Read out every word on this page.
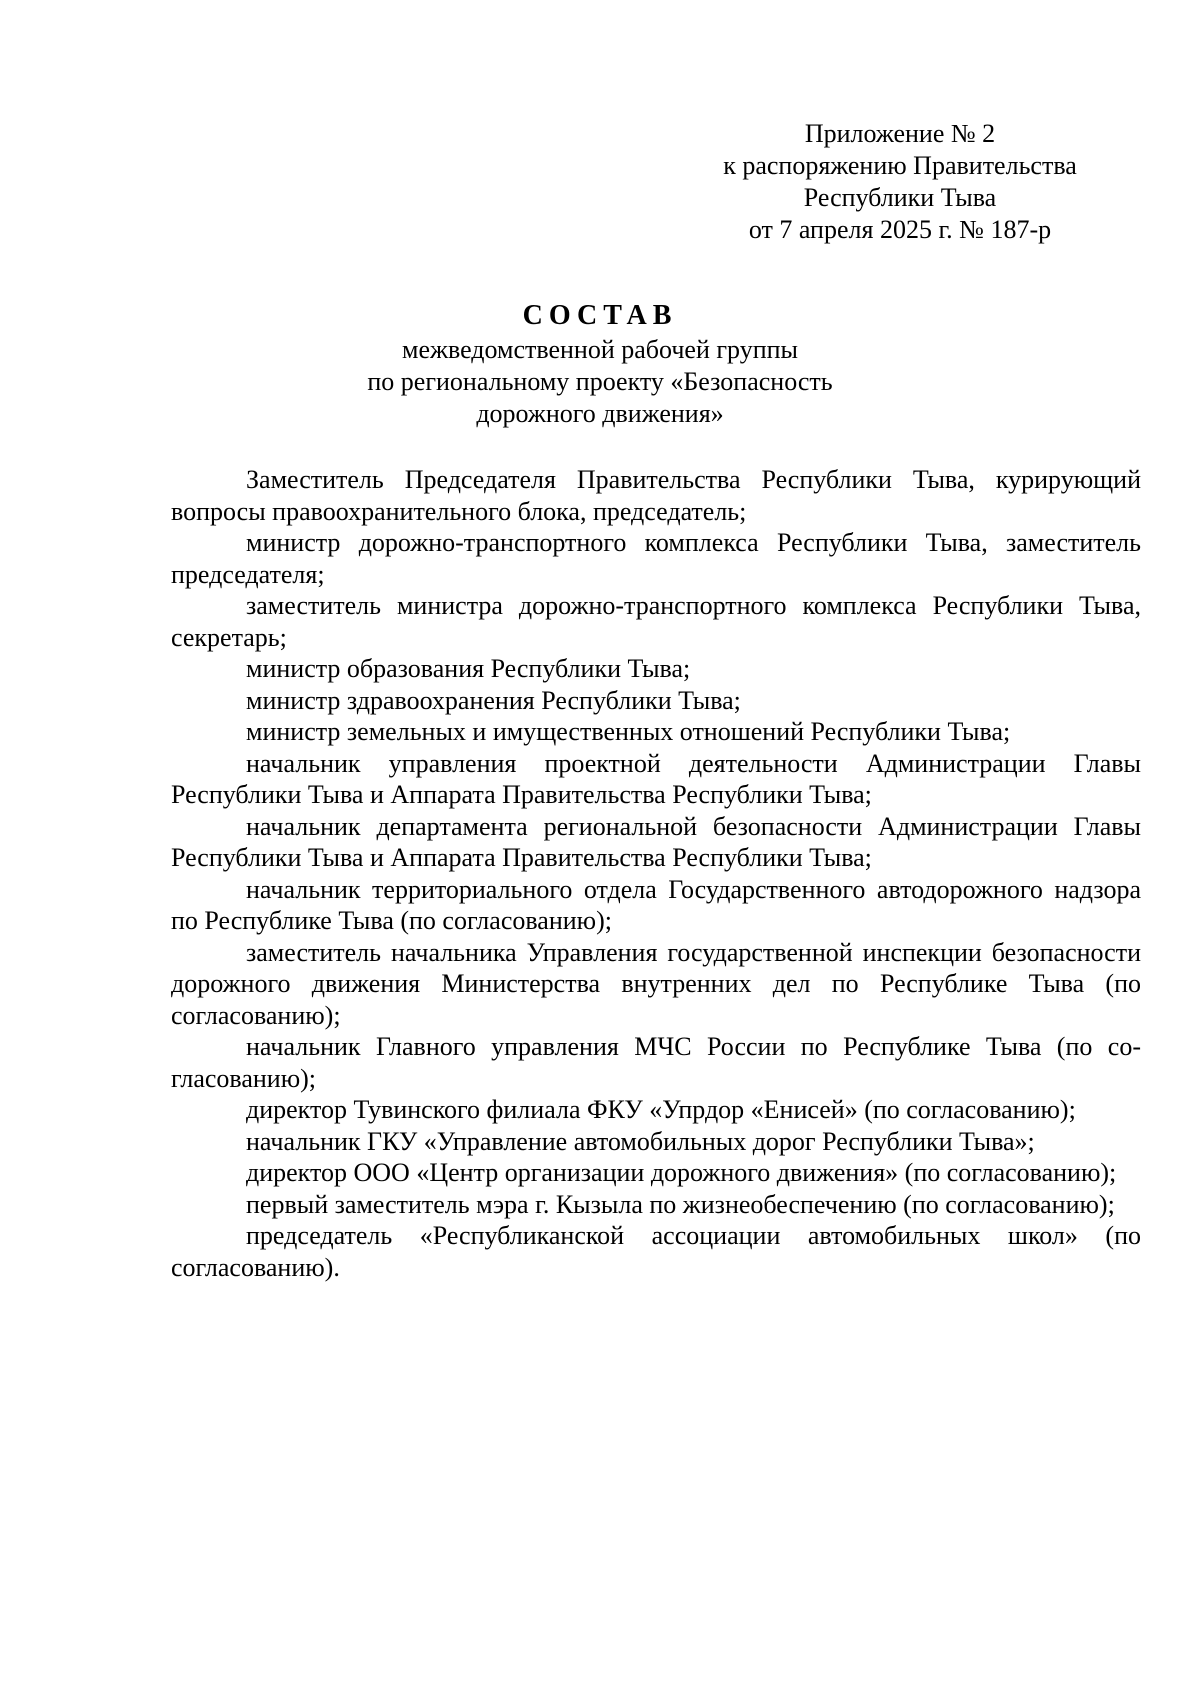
Приложение № 2
к распоряжению Правительства
Республики Тыва
от 7 апреля 2025 г. № 187-р
СОСТАВ
межведомственной рабочей группы
по региональному проекту «Безопасность
дорожного движения»

Заместитель Председателя Правительства Республики Тыва, курирующий вопросы правоохранительного блока, председатель;

министр дорожно-транспортного комплекса Республики Тыва, заместитель председателя;

заместитель министра дорожно-транспортного комплекса Республики Тыва, секретарь;

министр образования Республики Тыва;

министр здравоохранения Республики Тыва;

министр земельных и имущественных отношений Республики Тыва;

начальник управления проектной деятельности Администрации Главы Республики Тыва и Аппарата Правительства Республики Тыва;

начальник департамента региональной безопасности Администрации Главы Республики Тыва и Аппарата Правительства Республики Тыва;

начальник территориального отдела Государственного автодорожного надзора по Республике Тыва (по согласованию);

заместитель начальника Управления государственной инспекции безопасности дорожного движения Министерства внутренних дел по Республике Тыва (по согласованию);

начальник Главного управления МЧС России по Республике Тыва (по согласованию);

директор Тувинского филиала ФКУ «Упрдор «Енисей» (по согласованию);

начальник ГКУ «Управление автомобильных дорог Республики Тыва»;

директор ООО «Центр организации дорожного движения» (по согласованию);

первый заместитель мэра г. Кызыла по жизнеобеспечению (по согласованию);

председатель «Республиканской ассоциации автомобильных школ» (по согласованию).
